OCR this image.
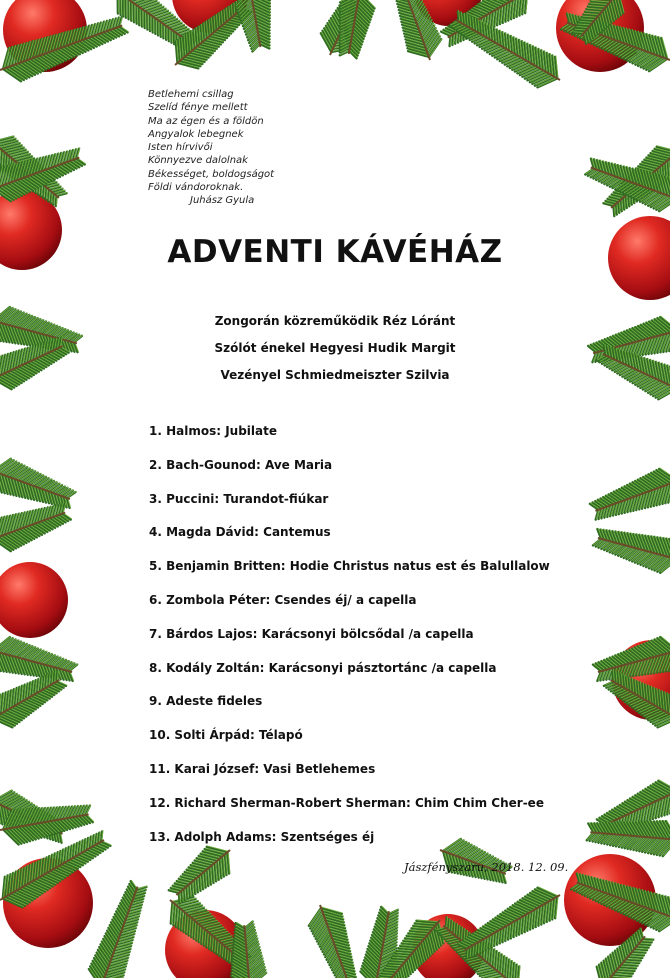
Betlehemi csillag
Szelíd fénye mellett
Ma az égen és a földön
Angyalok lebegnek
Isten hírvivői
Könnyezve dalolnak
Békességet, boldogságot
Földi vándoroknak.
Juhász Gyula
ADVENTI KÁVÉHÁZ
Zongorán közreműködik Réz Lóránt
Szólót énekel Hegyesi Hudik Margit
Vezényel Schmiedmeiszter Szilvia
1. Halmos: Jubilate
2. Bach-Gounod: Ave Maria
3. Puccini: Turandot-fiúkar
4. Magda Dávid: Cantemus
5. Benjamin Britten: Hodie Christus natus est és Balullalow
6. Zombola Péter: Csendes éj/ a capella
7. Bárdos Lajos: Karácsonyi bölcsődal /a capella
8. Kodály Zoltán: Karácsonyi pásztortánc /a capella
9. Adeste fideles
10. Solti Árpád: Télapó
11. Karai József: Vasi Betlehemes
12. Richard Sherman-Robert Sherman: Chim Chim Cher-ee
13. Adolph Adams: Szentséges éj
Jászfényszaru, 2018. 12. 09.
